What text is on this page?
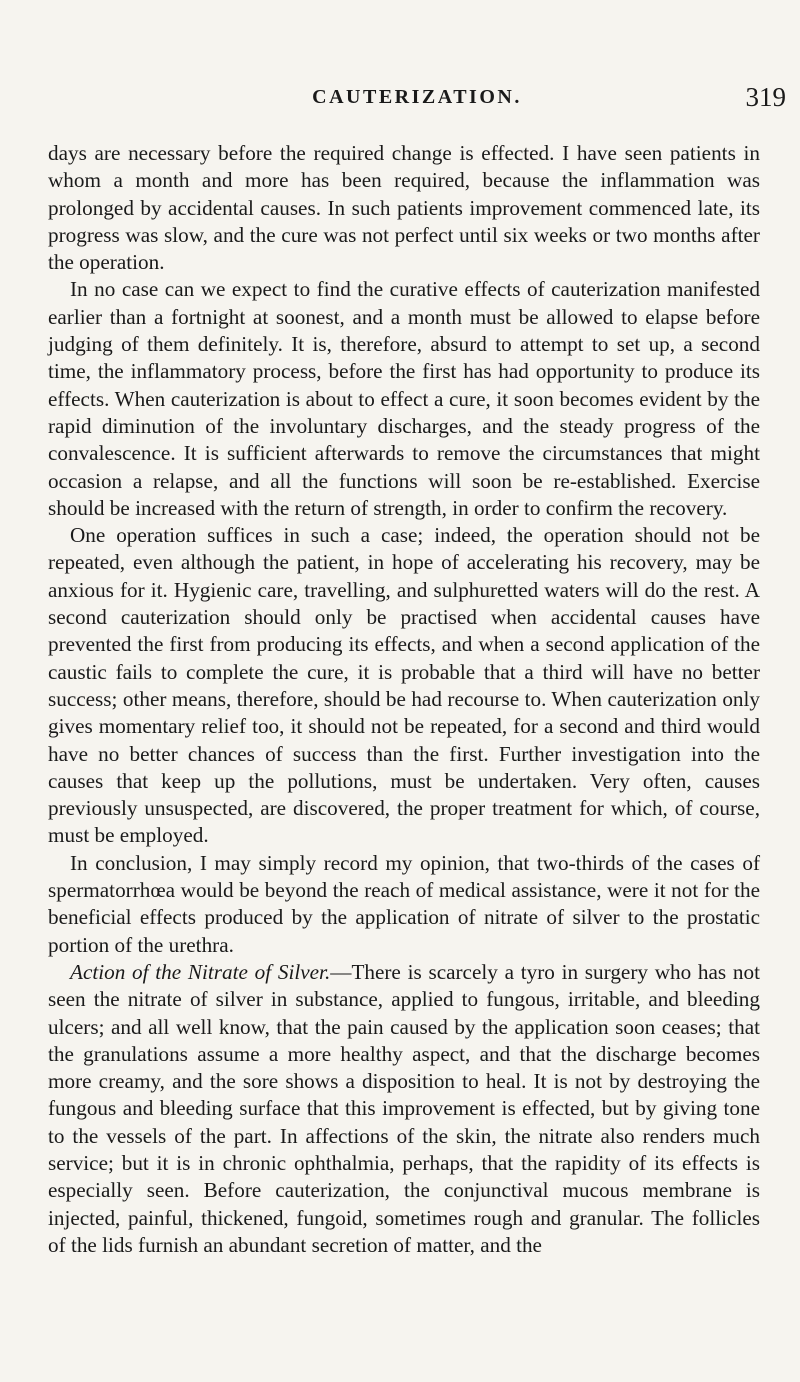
CAUTERIZATION.	319

days are necessary before the required change is effected. I have seen patients in whom a month and more has been required, because the inflammation was prolonged by accidental causes. In such patients improvement commenced late, its progress was slow, and the cure was not perfect until six weeks or two months after the operation.

In no case can we expect to find the curative effects of cauterization manifested earlier than a fortnight at soonest, and a month must be allowed to elapse before judging of them definitely. It is, therefore, absurd to attempt to set up, a second time, the inflammatory process, before the first has had opportunity to produce its effects. When cauterization is about to effect a cure, it soon becomes evident by the rapid diminution of the involuntary discharges, and the steady progress of the convalescence. It is sufficient afterwards to remove the circumstances that might occasion a relapse, and all the functions will soon be re-established. Exercise should be increased with the return of strength, in order to confirm the recovery.

One operation suffices in such a case; indeed, the operation should not be repeated, even although the patient, in hope of accelerating his recovery, may be anxious for it. Hygienic care, travelling, and sulphuretted waters will do the rest. A second cauterization should only be practised when accidental causes have prevented the first from producing its effects, and when a second application of the caustic fails to complete the cure, it is probable that a third will have no better success; other means, therefore, should be had recourse to. When cauterization only gives momentary relief too, it should not be repeated, for a second and third would have no better chances of success than the first. Further investigation into the causes that keep up the pollutions, must be undertaken. Very often, causes previously unsuspected, are discovered, the proper treatment for which, of course, must be employed.

In conclusion, I may simply record my opinion, that two-thirds of the cases of spermatorrhœa would be beyond the reach of medical assistance, were it not for the beneficial effects produced by the application of nitrate of silver to the prostatic portion of the urethra.

Action of the Nitrate of Silver.—There is scarcely a tyro in surgery who has not seen the nitrate of silver in substance, applied to fungous, irritable, and bleeding ulcers; and all well know, that the pain caused by the application soon ceases; that the granulations assume a more healthy aspect, and that the discharge becomes more creamy, and the sore shows a disposition to heal. It is not by destroying the fungous and bleeding surface that this improvement is effected, but by giving tone to the vessels of the part. In affections of the skin, the nitrate also renders much service; but it is in chronic ophthalmia, perhaps, that the rapidity of its effects is especially seen. Before cauterization, the conjunctival mucous membrane is injected, painful, thickened, fungoid, sometimes rough and granular. The follicles of the lids furnish an abundant secretion of matter, and the
